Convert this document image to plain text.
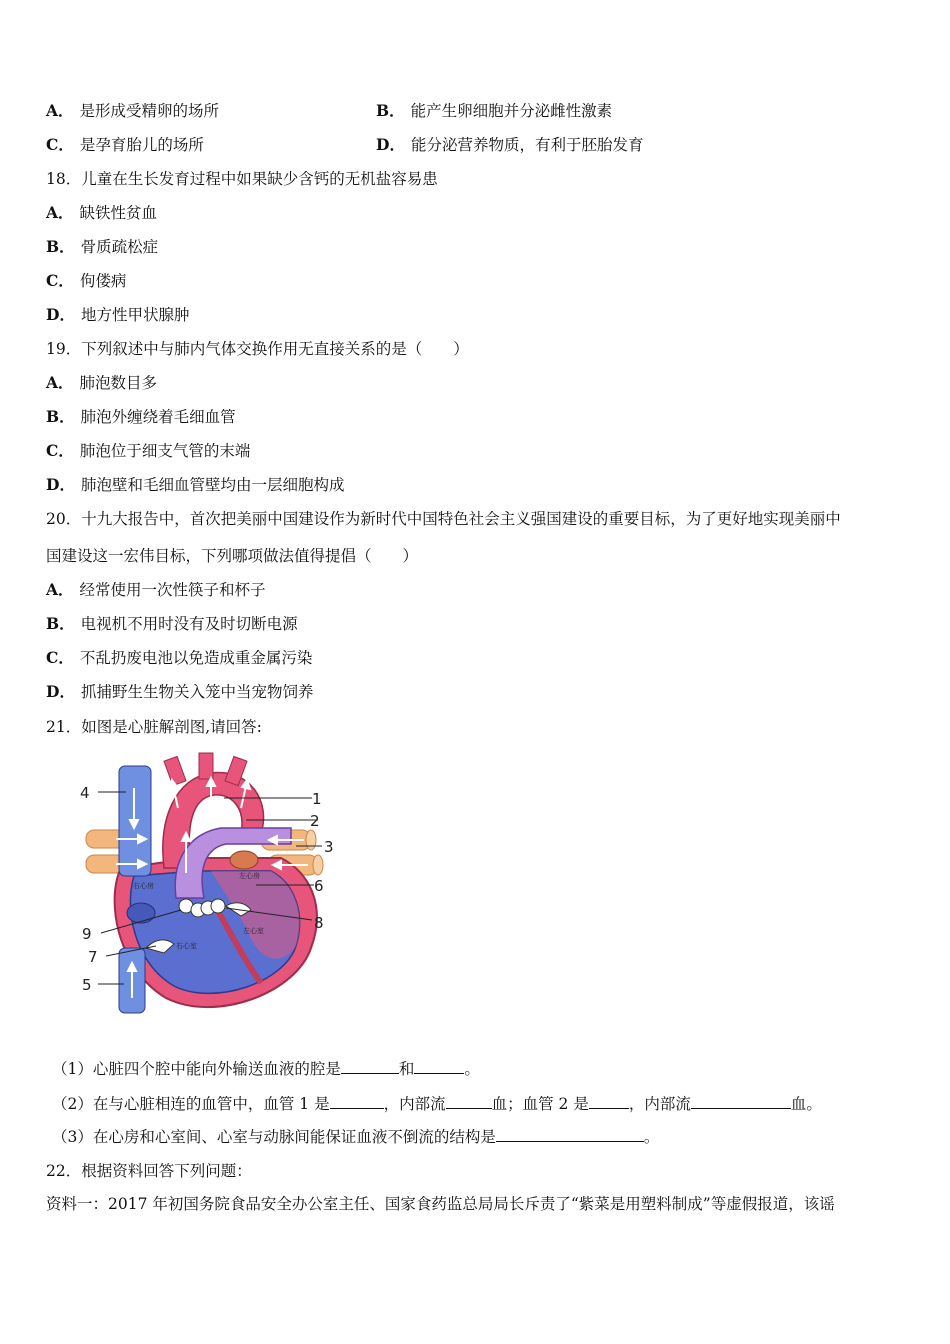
A． 是形成受精卵的场所	B． 能产生卵细胞并分泌雌性激素
C． 是孕育胎儿的场所	D． 能分泌营养物质，有利于胚胎发育
18．儿童在生长发育过程中如果缺少含钙的无机盐容易患
A． 缺铁性贫血
B． 骨质疏松症
C． 佝偻病
D． 地方性甲状腺肿
19．下列叙述中与肺内气体交换作用无直接关系的是（　　）
A． 肺泡数目多
B． 肺泡外缠绕着毛细血管
C． 肺泡位于细支气管的末端
D． 肺泡壁和毛细血管壁均由一层细胞构成
20．十九大报告中，首次把美丽中国建设作为新时代中国特色社会主义强国建设的重要目标，为了更好地实现美丽中
国建设这一宏伟目标，下列哪项做法值得提倡（　　）
A． 经常使用一次性筷子和杯子
B． 电视机不用时没有及时切断电源
C． 不乱扔废电池以免造成重金属污染
D． 抓捕野生生物关入笼中当宠物饲养
21．如图是心脏解剖图,请回答:
4
5
7
9
1
2
3
6
8
右心房
左心房
左心室
右心室
（1）心脏四个腔中能向外输送血液的腔是	和	。
（2）在与心脏相连的血管中，血管 1 是	，内部流	血；血管 2 是	，内部流	血。
（3）在心房和心室间、心室与动脉间能保证血液不倒流的结构是	。
22．根据资料回答下列问题：
资料一：2017 年初国务院食品安全办公室主任、国家食药监总局局长斥责了“紫菜是用塑料制成”等虚假报道，该谣
